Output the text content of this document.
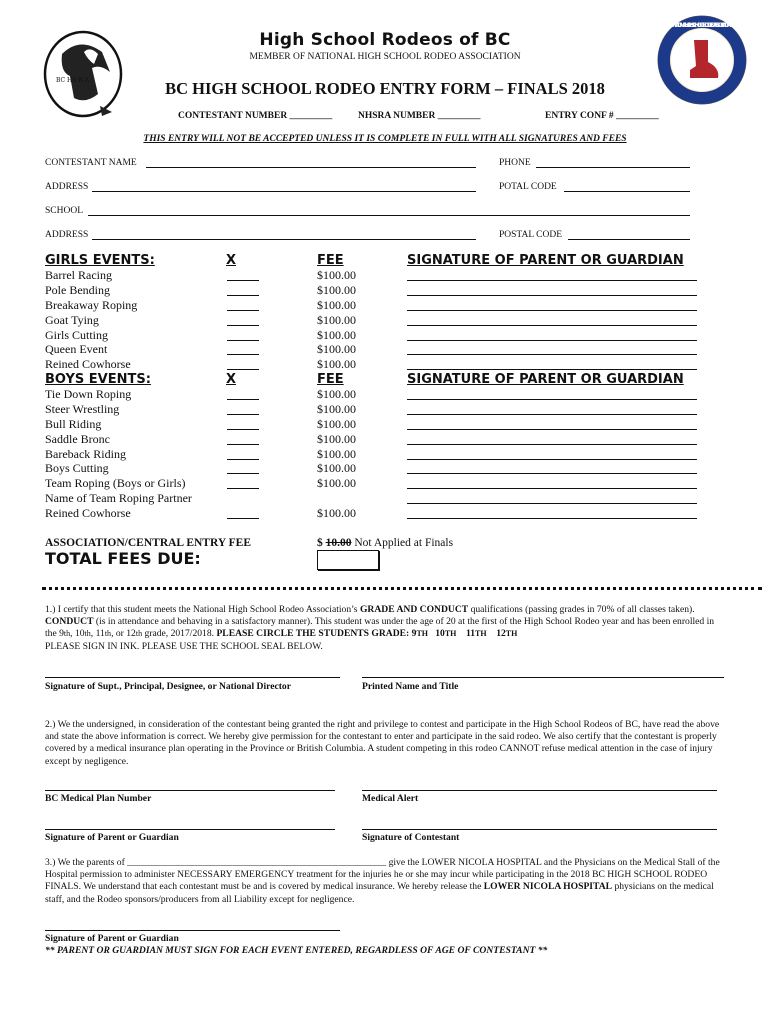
BC HS R A
High School Rodeos of BC
MEMBER OF NATIONAL HIGH SCHOOL RODEO ASSOCIATION
NATIONAL HIGH SCHOOL RODEO ASSOCIATION
BC HIGH SCHOOL RODEO ENTRY FORM – FINALS 2018
CONTESTANT NUMBER _________	NHSRA NUMBER _________	ENTRY CONF # _________
THIS ENTRY WILL NOT BE ACCEPTED UNLESS IT IS COMPLETE IN FULL WITH ALL SIGNATURES AND FEES
CONTESTANT NAME	PHONE
ADDRESS	POTAL CODE
SCHOOL
ADDRESS	POSTAL CODE
GIRLS EVENTS:	X	FEE	SIGNATURE OF PARENT OR GUARDIAN
Barrel Racing	$100.00
Pole Bending	$100.00
Breakaway Roping	$100.00
Goat Tying	$100.00
Girls Cutting	$100.00
Queen Event	$100.00
Reined Cowhorse	$100.00
BOYS EVENTS:	X	FEE	SIGNATURE OF PARENT OR GUARDIAN
Tie Down Roping	$100.00
Steer Wrestling	$100.00
Bull Riding	$100.00
Saddle Bronc	$100.00
Bareback Riding	$100.00
Boys Cutting	$100.00
Team Roping (Boys or Girls)	$100.00
Name of Team Roping Partner
Reined Cowhorse	$100.00
ASSOCIATION/CENTRAL ENTRY FEE	$ 10.00 Not Applied at Finals
TOTAL FEES DUE:
1.) I certify that this student meets the National High School Rodeo Association’s GRADE AND CONDUCT qualifications (passing grades in 70% of all classes taken). CONDUCT (is in attendance and behaving in a satisfactory manner). This student was under the age of 20 at the first of the High School Rodeo year and has been enrolled in the 9th, 10th, 11th, or 12th grade, 2017/2018. PLEASE CIRCLE THE STUDENTS GRADE: 9TH 10TH 11TH 12TH
PLEASE SIGN IN INK. PLEASE USE THE SCHOOL SEAL BELOW.
Signature of Supt., Principal, Designee, or National Director	Printed Name and Title
2.) We the undersigned, in consideration of the contestant being granted the right and privilege to contest and participate in the High School Rodeos of BC, have read the above and state the above information is correct. We hereby give permission for the contestant to enter and participate in the said rodeo. We also certify that the contestant is properly covered by a medical insurance plan operating in the Province or British Columbia. A student competing in this rodeo CANNOT refuse medical attention in the case of injury except by negligence.
BC Medical Plan Number	Medical Alert
Signature of Parent or Guardian	Signature of Contestant
3.) We the parents of ______________________________________________________ give the LOWER NICOLA HOSPITAL and the Physicians on the Medical Stall of the Hospital permission to administer NECESSARY EMERGENCY treatment for the injuries he or she may incur while participating in the 2018 BC HIGH SCHOOL RODEO FINALS. We understand that each contestant must be and is covered by medical insurance. We hereby release the LOWER NICOLA HOSPITAL physicians on the medical staff, and the Rodeo sponsors/producers from all Liability except for negligence.
Signature of Parent or Guardian
** PARENT OR GUARDIAN MUST SIGN FOR EACH EVENT ENTERED, REGARDLESS OF AGE OF CONTESTANT **
